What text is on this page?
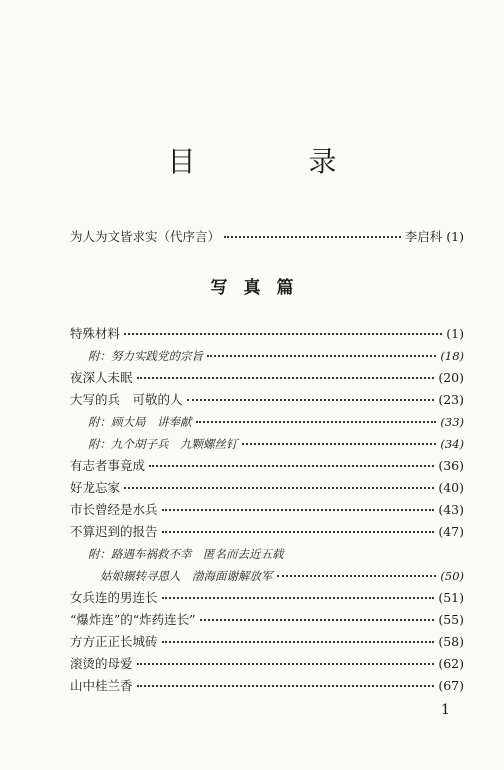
目 录
为人为文皆求实（代序言）	李启科 (1)
写真篇
特殊材料	(1)
附：努力实践党的宗旨	(18)
夜深人未眠	(20)
大写的兵　可敬的人	(23)
附：顾大局　讲奉献	(33)
附：九个胡子兵　九颗螺丝钉	(34)
有志者事竟成	(36)
好龙忘家	(40)
市长曾经是水兵	(43)
不算迟到的报告	(47)
附：路遇车祸救不幸　匿名而去近五载
姑娘辗转寻恩人　渤海面谢解放军	(50)
女兵连的男连长	(51)
“爆炸连”的“炸药连长”	(55)
方方正正长城砖	(58)
滚烫的母爱	(62)
山中桂兰香	(67)
1
